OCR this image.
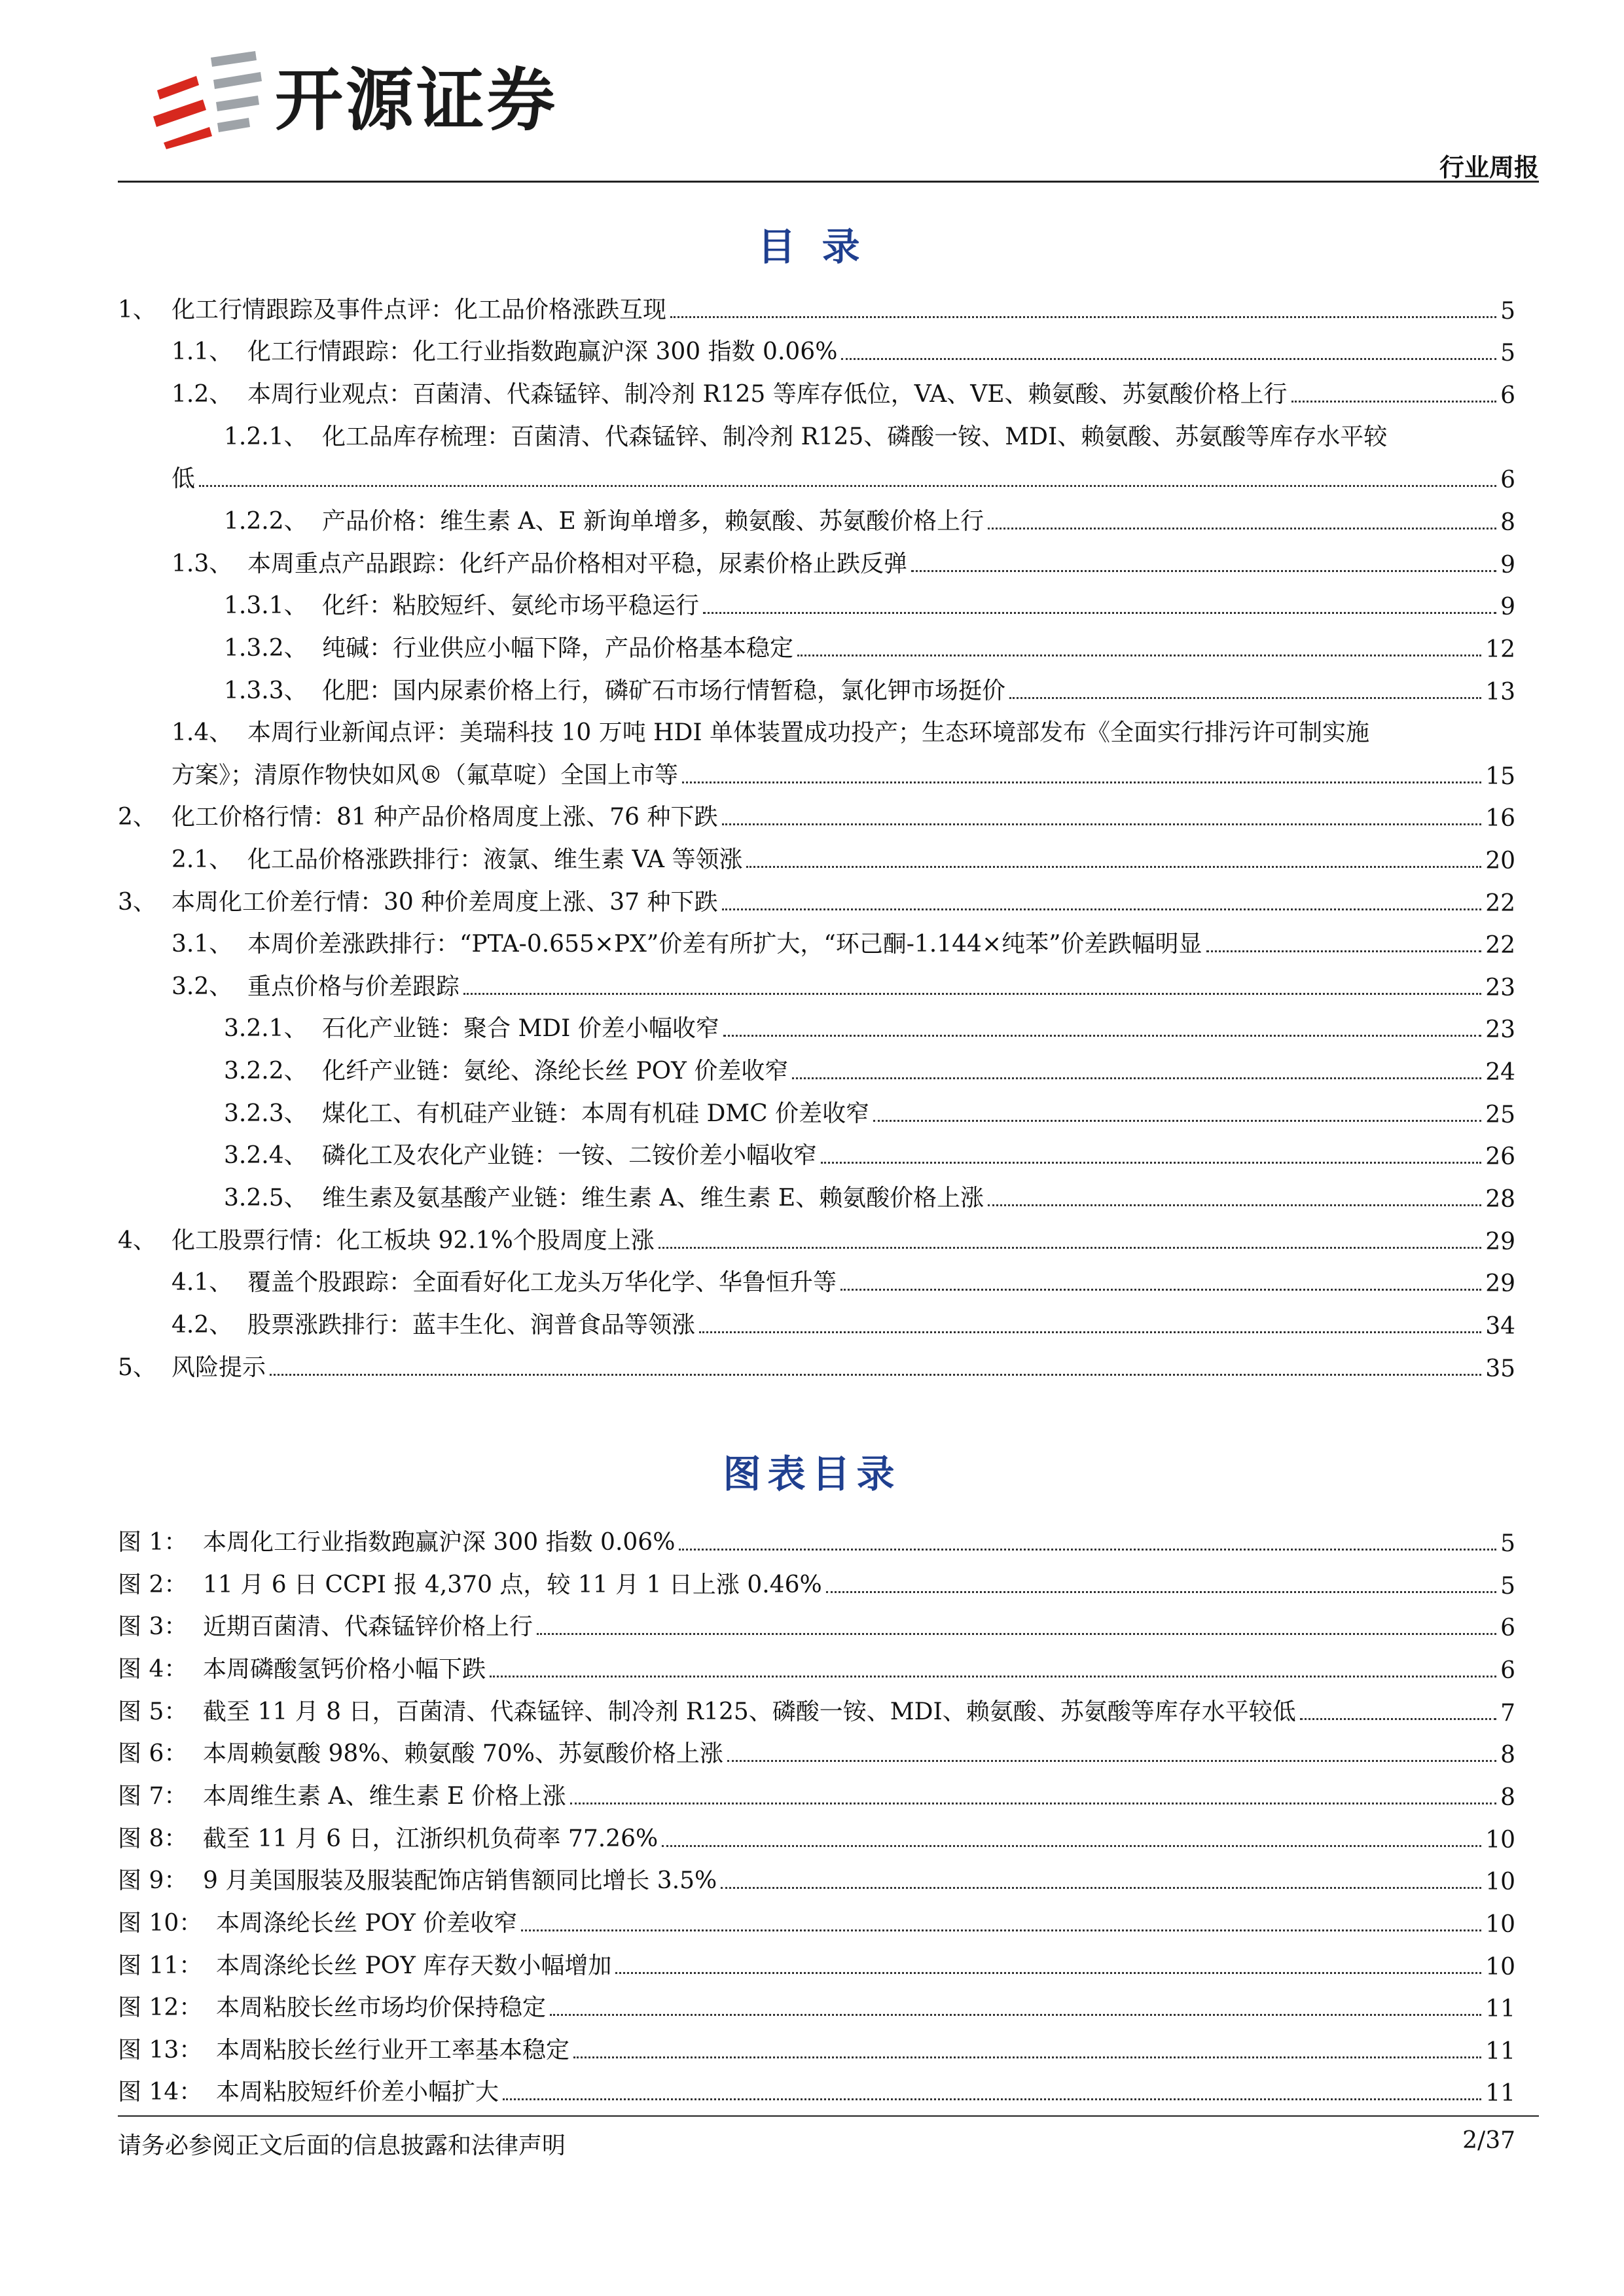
开源证券
行业周报
目 录
1、 化工行情跟踪及事件点评：化工品价格涨跌互现	5
1.1、 化工行情跟踪：化工行业指数跑赢沪深 300 指数 0.06%	5
1.2、 本周行业观点：百菌清、代森锰锌、制冷剂 R125 等库存低位，VA、VE、赖氨酸、苏氨酸价格上行	6
1.2.1、 化工品库存梳理：百菌清、代森锰锌、制冷剂 R125、磷酸一铵、MDI、赖氨酸、苏氨酸等库存水平较
低	6
1.2.2、 产品价格：维生素 A、E 新询单增多，赖氨酸、苏氨酸价格上行	8
1.3、 本周重点产品跟踪：化纤产品价格相对平稳，尿素价格止跌反弹	9
1.3.1、 化纤：粘胶短纤、氨纶市场平稳运行	9
1.3.2、 纯碱：行业供应小幅下降，产品价格基本稳定	12
1.3.3、 化肥：国内尿素价格上行，磷矿石市场行情暂稳，氯化钾市场挺价	13
1.4、 本周行业新闻点评：美瑞科技 10 万吨 HDI 单体装置成功投产；生态环境部发布《全面实行排污许可制实施
方案》；清原作物快如风®（氟草啶）全国上市等	15
2、 化工价格行情：81 种产品价格周度上涨、76 种下跌	16
2.1、 化工品价格涨跌排行：液氯、维生素 VA 等领涨	20
3、 本周化工价差行情：30 种价差周度上涨、37 种下跌	22
3.1、 本周价差涨跌排行：“PTA-0.655×PX”价差有所扩大，“环己酮-1.144×纯苯”价差跌幅明显	22
3.2、 重点价格与价差跟踪	23
3.2.1、 石化产业链：聚合 MDI 价差小幅收窄	23
3.2.2、 化纤产业链：氨纶、涤纶长丝 POY 价差收窄	24
3.2.3、 煤化工、有机硅产业链：本周有机硅 DMC 价差收窄	25
3.2.4、 磷化工及农化产业链：一铵、二铵价差小幅收窄	26
3.2.5、 维生素及氨基酸产业链：维生素 A、维生素 E、赖氨酸价格上涨	28
4、 化工股票行情：化工板块 92.1%个股周度上涨	29
4.1、 覆盖个股跟踪：全面看好化工龙头万华化学、华鲁恒升等	29
4.2、 股票涨跌排行：蓝丰生化、润普食品等领涨	34
5、 风险提示	35
图表目录
图 1： 本周化工行业指数跑赢沪深 300 指数 0.06%	5
图 2： 11 月 6 日 CCPI 报 4,370 点，较 11 月 1 日上涨 0.46%	5
图 3： 近期百菌清、代森锰锌价格上行	6
图 4： 本周磷酸氢钙价格小幅下跌	6
图 5： 截至 11 月 8 日，百菌清、代森锰锌、制冷剂 R125、磷酸一铵、MDI、赖氨酸、苏氨酸等库存水平较低	7
图 6： 本周赖氨酸 98%、赖氨酸 70%、苏氨酸价格上涨	8
图 7： 本周维生素 A、维生素 E 价格上涨	8
图 8： 截至 11 月 6 日，江浙织机负荷率 77.26%	10
图 9： 9 月美国服装及服装配饰店销售额同比增长 3.5%	10
图 10： 本周涤纶长丝 POY 价差收窄	10
图 11： 本周涤纶长丝 POY 库存天数小幅增加	10
图 12： 本周粘胶长丝市场均价保持稳定	11
图 13： 本周粘胶长丝行业开工率基本稳定	11
图 14： 本周粘胶短纤价差小幅扩大	11
请务必参阅正文后面的信息披露和法律声明	2/37
